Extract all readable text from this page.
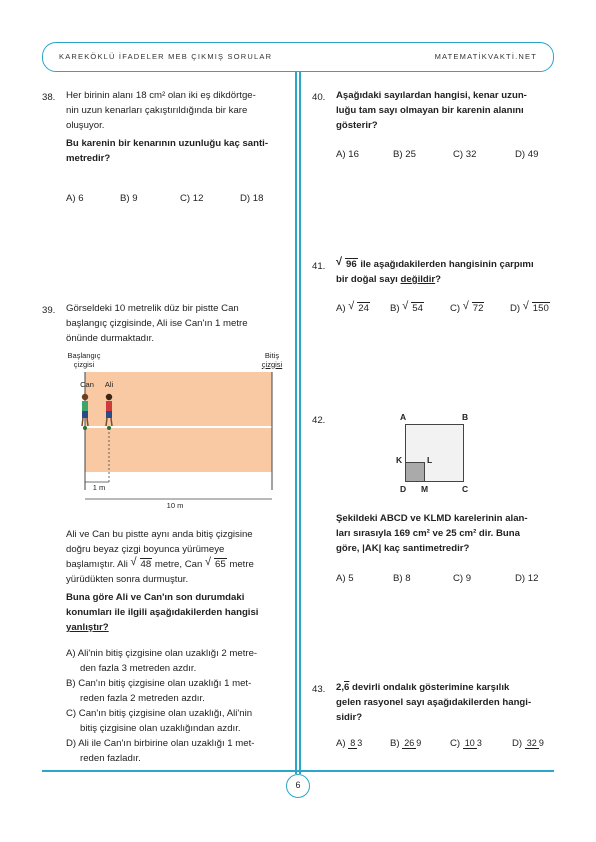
KAREKÖKLÜ İFADELER MEB ÇIKMIŞ SORULAR	MATEMATİKVAKTİ.NET
38. Her birinin alanı 18 cm² olan iki eş dikdörtge-
nin uzun kenarları çakıştırıldığında bir kare
oluşuyor.
Bu karenin bir kenarının uzunluğu kaç santi-
metredir?
A) 6	B) 9	C) 12	D) 18
39. Görseldeki 10 metrelik düz bir pistte Can
başlangıç çizgisinde, Ali ise Can'ın 1 metre
önünde durmaktadır.
Başlangıç
çizgisi
Bitiş
çizgisi
Can	Ali
1 m
10 m
Ali ve Can bu pistte aynı anda bitiş çizgisine
doğru beyaz çizgi boyunca yürümeye
başlamıştır. Ali √ 48 metre, Can √ 65 metre
yürüdükten sonra durmuştur.
Buna göre Ali ve Can'ın son durumdaki
konumları ile ilgili aşağıdakilerden hangisi
yanlıştır?
A) Ali'nin bitiş çizgisine olan uzaklığı 2 metre-
den fazla 3 metreden azdır.
B) Can'ın bitiş çizgisine olan uzaklığı 1 met-
reden fazla 2 metreden azdır.
C) Can'ın bitiş çizgisine olan uzaklığı, Ali'nin
bitiş çizgisine olan uzaklığından azdır.
D) Ali ile Can'ın birbirine olan uzaklığı 1 met-
reden fazladır.
40. Aşağıdaki sayılardan hangisi, kenar uzun-
luğu tam sayı olmayan bir karenin alanını
gösterir?
A) 16	B) 25	C) 32	D) 49
41. √ 96 ile aşağıdakilerden hangisinin çarpımı
bir doğal sayı değildir?
A) √ 24	B) √ 54	C) √ 72	D) √ 150
42.	A	B
K	L
D M	C
Şekildeki ABCD ve KLMD karelerinin alan-
ları sırasıyla 169 cm² ve 25 cm² dir. Buna
göre, |AK| kaç santimetredir?
A) 5	B) 8	C) 9	D) 12
43. 2,6 devirli ondalık gösterimine karşılık
gelen rasyonel sayı aşağıdakilerden hangi-
sidir?
A) 8 3	B) 26 9	C) 10 3	D) 32 9
6
